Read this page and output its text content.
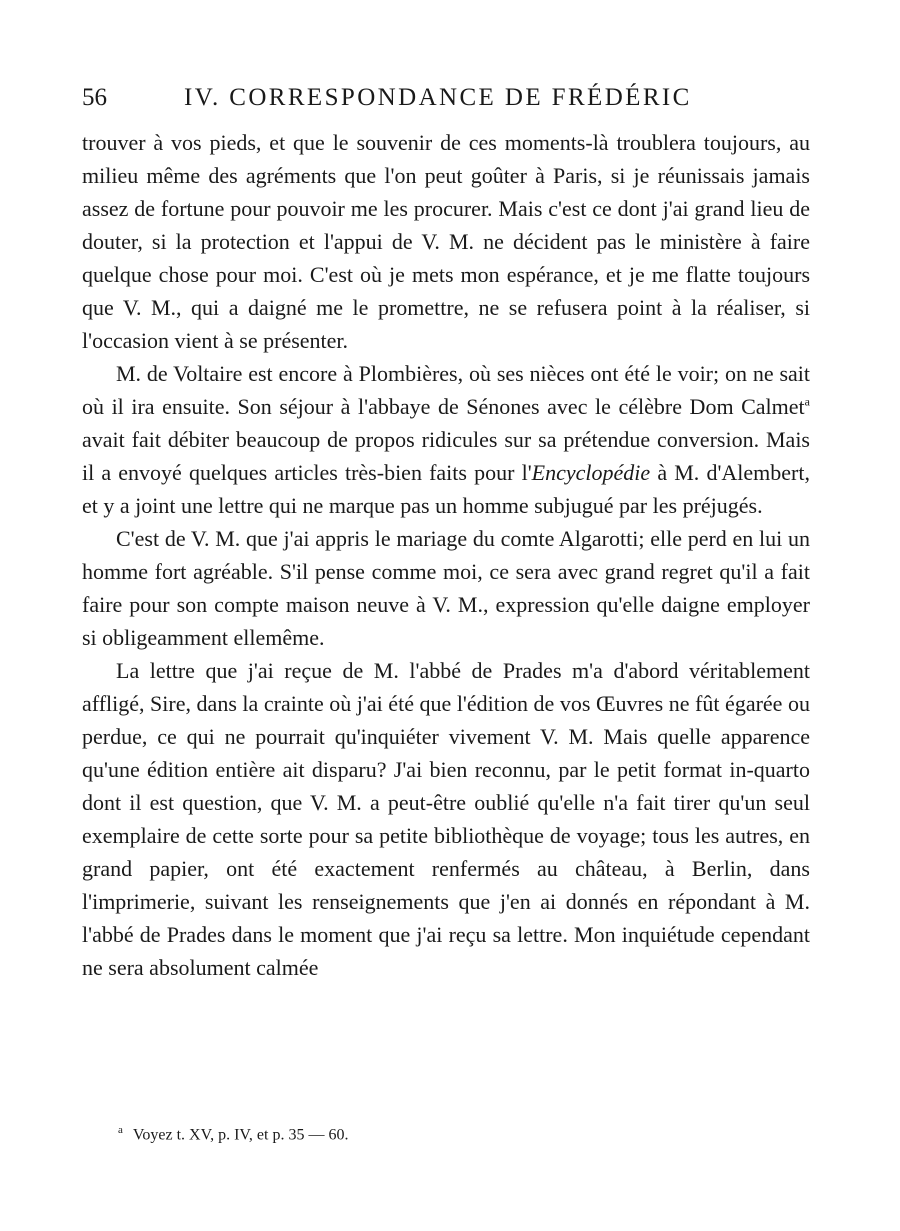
56	IV. CORRESPONDANCE DE FRÉDÉRIC

trouver à vos pieds, et que le souvenir de ces moments-là troublera toujours, au milieu même des agréments que l'on peut goûter à Paris, si je réunissais jamais assez de fortune pour pouvoir me les procurer. Mais c'est ce dont j'ai grand lieu de douter, si la protection et l'appui de V. M. ne décident pas le ministère à faire quelque chose pour moi. C'est où je mets mon espérance, et je me flatte toujours que V. M., qui a daigné me le promettre, ne se refusera point à la réaliser, si l'occasion vient à se présenter.

M. de Voltaire est encore à Plombières, où ses nièces ont été le voir; on ne sait où il ira ensuite. Son séjour à l'abbaye de Sénones avec le célèbre Dom Calmet$^a$ avait fait débiter beaucoup de propos ridicules sur sa prétendue conversion. Mais il a envoyé quelques articles très-bien faits pour l'Encyclopédie à M. d'Alembert, et y a joint une lettre qui ne marque pas un homme subjugué par les préjugés.

C'est de V. M. que j'ai appris le mariage du comte Algarotti; elle perd en lui un homme fort agréable. S'il pense comme moi, ce sera avec grand regret qu'il a fait faire pour son compte maison neuve à V. M., expression qu'elle daigne employer si obligeamment ellemême.

La lettre que j'ai reçue de M. l'abbé de Prades m'a d'abord véritablement affligé, Sire, dans la crainte où j'ai été que l'édition de vos Œuvres ne fût égarée ou perdue, ce qui ne pourrait qu'inquiéter vivement V. M. Mais quelle apparence qu'une édition entière ait disparu? J'ai bien reconnu, par le petit format in-quarto dont il est question, que V. M. a peut-être oublié qu'elle n'a fait tirer qu'un seul exemplaire de cette sorte pour sa petite bibliothèque de voyage; tous les autres, en grand papier, ont été exactement renfermés au château, à Berlin, dans l'imprimerie, suivant les renseignements que j'en ai donnés en répondant à M. l'abbé de Prades dans le moment que j'ai reçu sa lettre. Mon inquiétude cependant ne sera absolument calmée

$^a$ Voyez t. XV, p. IV, et p. 35 — 60.
